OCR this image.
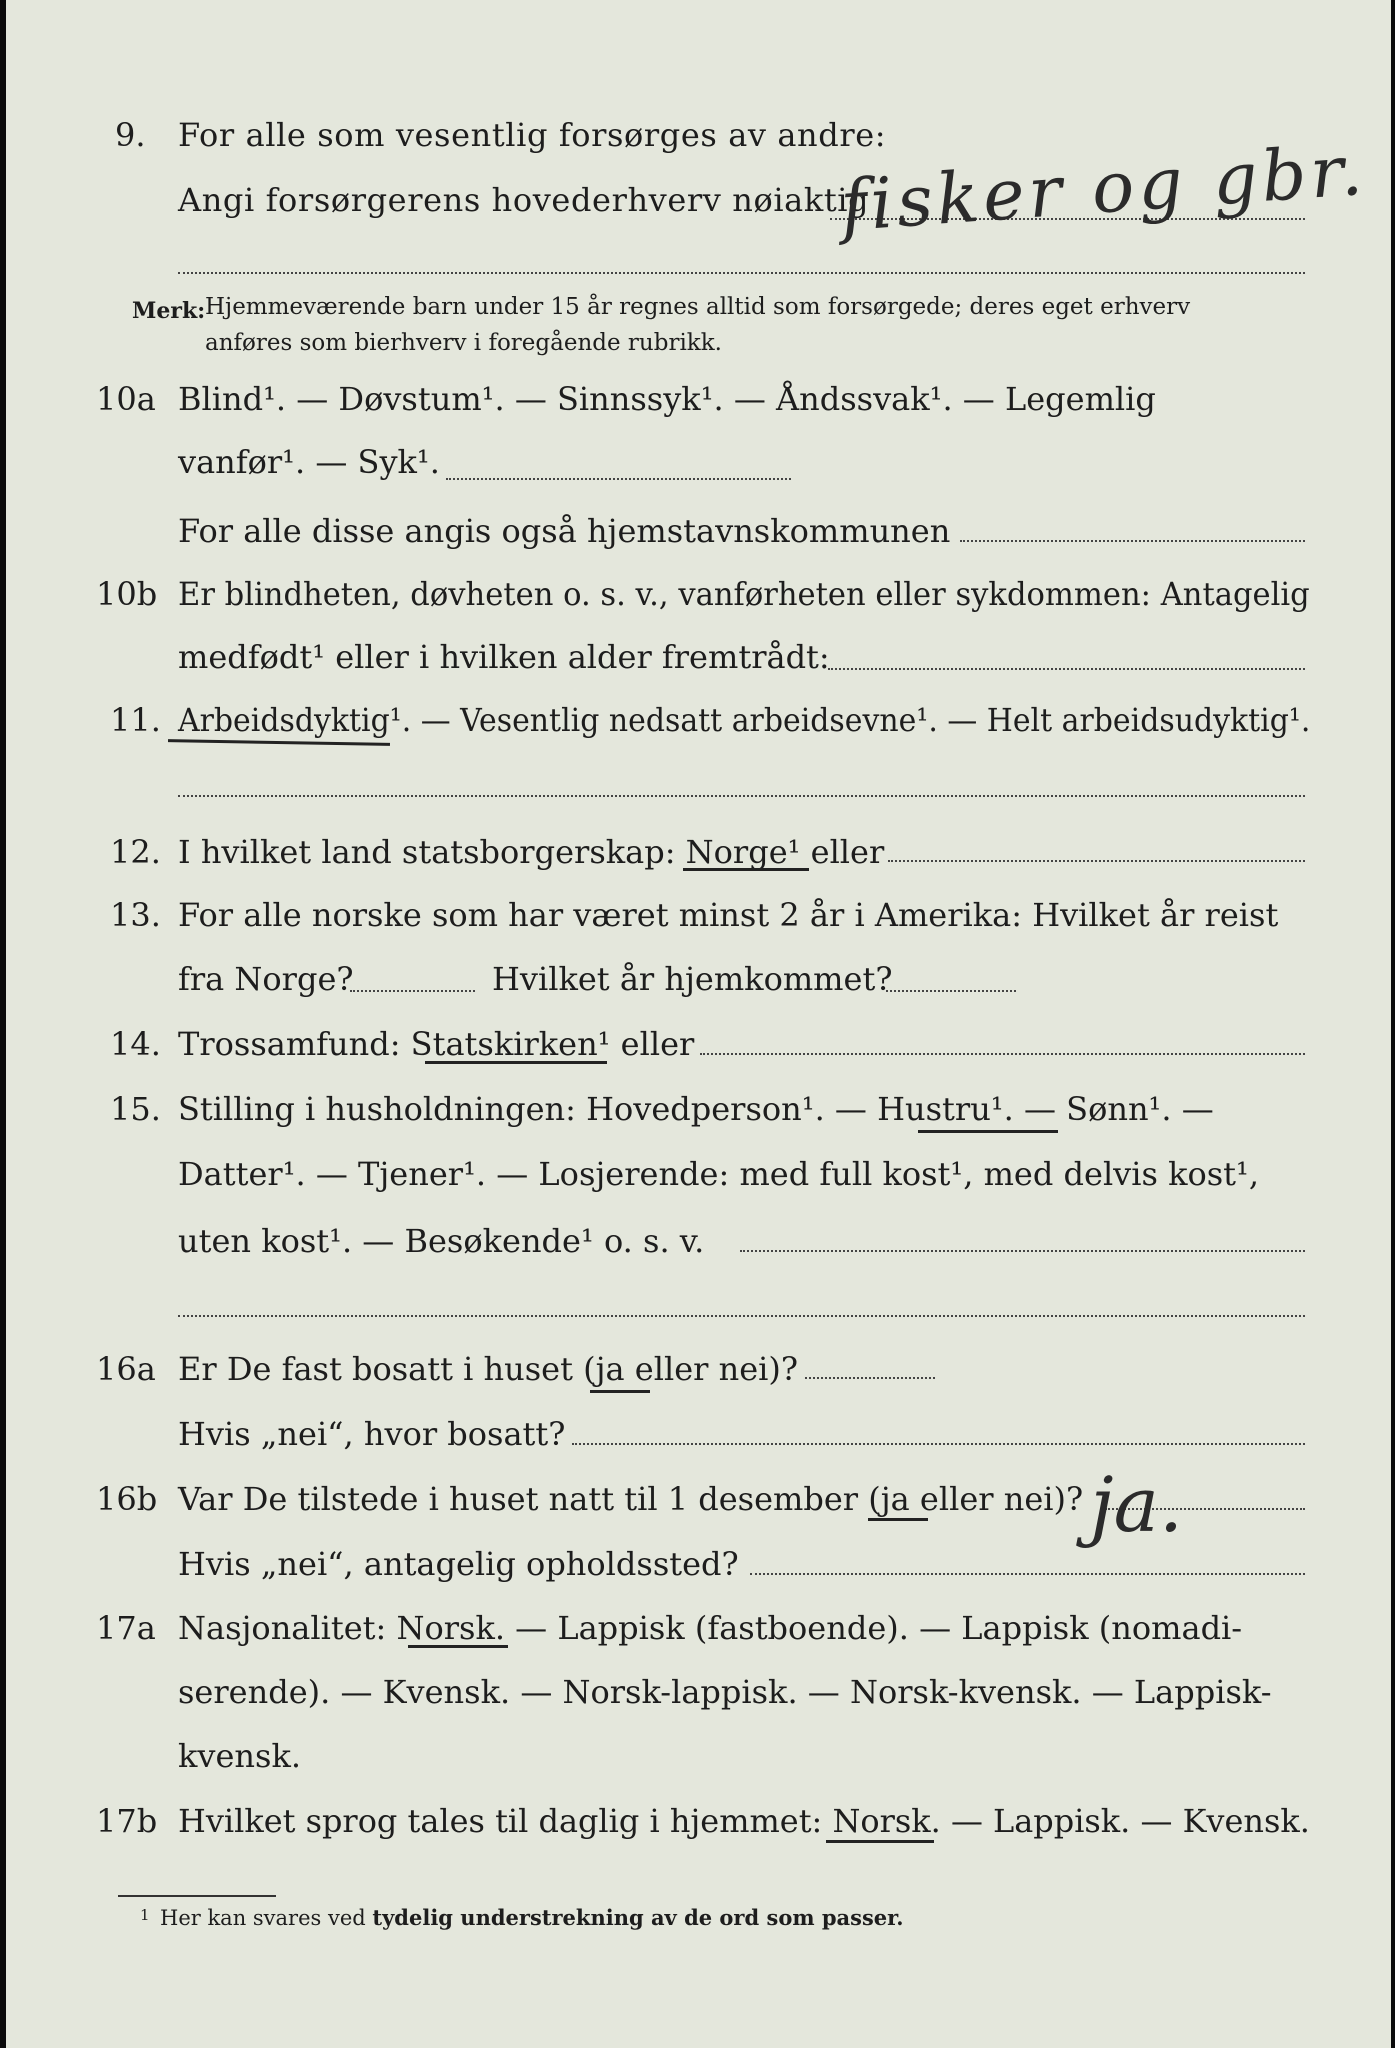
9. For alle som vesentlig forsørges av andre:
Angi forsørgerens hovederhverv nøiaktig
fisker og gbr.
Merk: Hjemmeværende barn under 15 år regnes alltid som forsørgede; deres eget erhverv
anføres som bierhverv i foregående rubrikk.
10a Blind¹. — Døvstum¹. — Sinnssyk¹. — Åndssvak¹. — Legemlig
vanfør¹. — Syk¹.
For alle disse angis også hjemstavnskommunen
10b Er blindheten, døvheten o. s. v., vanførheten eller sykdommen: Antagelig
medfødt¹ eller i hvilken alder fremtrådt:
11. Arbeidsdyktig¹. — Vesentlig nedsatt arbeidsevne¹. — Helt arbeidsudyktig¹.
12. I hvilket land statsborgerskap: Norge¹ eller
13. For alle norske som har været minst 2 år i Amerika: Hvilket år reist
fra Norge?	Hvilket år hjemkommet?
14. Trossamfund: Statskirken¹ eller
15. Stilling i husholdningen: Hovedperson¹. — Hustru¹. — Sønn¹. —
Datter¹. — Tjener¹. — Losjerende: med full kost¹, med delvis kost¹,
uten kost¹. — Besøkende¹ o. s. v.
16a Er De fast bosatt i huset (ja eller nei)?
Hvis „nei“, hvor bosatt?
16b Var De tilstede i huset natt til 1 desember (ja eller nei)? ja.
Hvis „nei“, antagelig opholdssted?
17a Nasjonalitet: Norsk. — Lappisk (fastboende). — Lappisk (nomadi-
serende). — Kvensk. — Norsk-lappisk. — Norsk-kvensk. — Lappisk-
kvensk.
17b Hvilket sprog tales til daglig i hjemmet: Norsk. — Lappisk. — Kvensk.
1 Her kan svares ved tydelig understrekning av de ord som passer.
